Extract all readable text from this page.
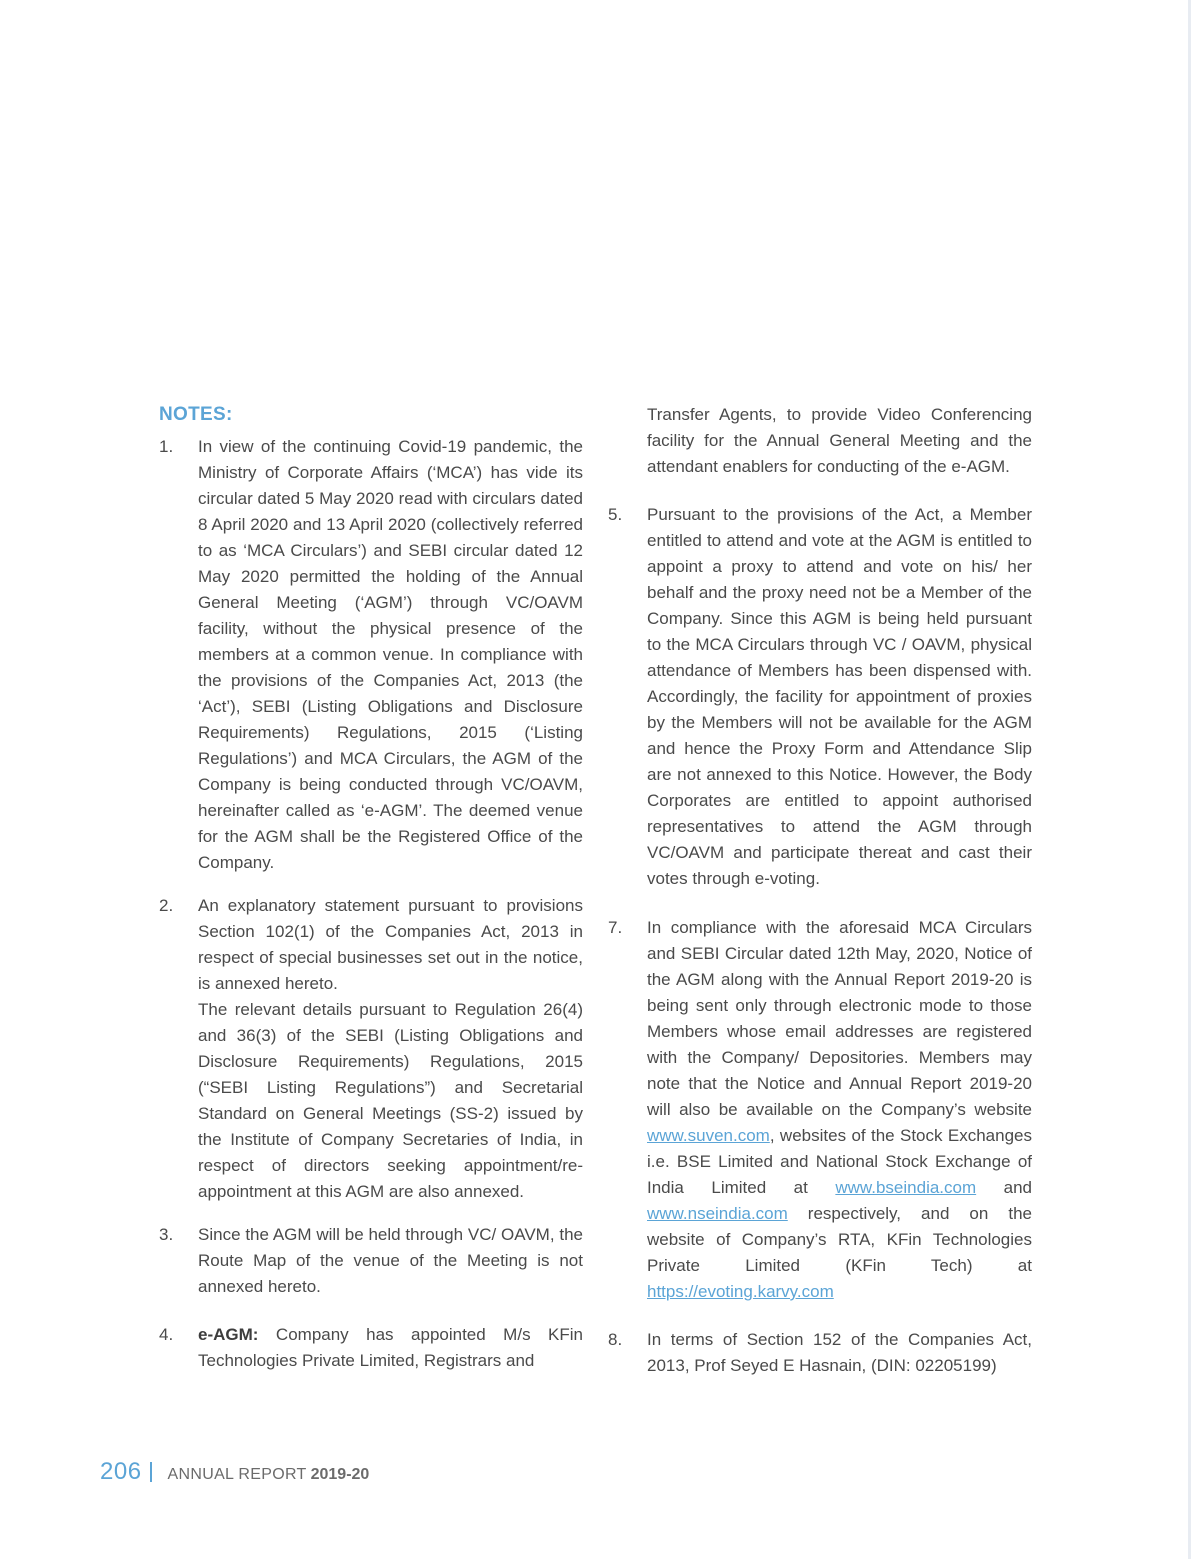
NOTES:
1.	In view of the continuing Covid-19 pandemic, the Ministry of Corporate Affairs (‘MCA’) has vide its circular dated 5 May 2020 read with circulars dated 8 April 2020 and 13 April 2020 (collectively referred to as ‘MCA Circulars’) and SEBI circular dated 12 May 2020 permitted the holding of the Annual General Meeting (‘AGM’) through VC/OAVM facility, without the physical presence of the members at a common venue. In compliance with the provisions of the Companies Act, 2013 (the ‘Act’), SEBI (Listing Obligations and Disclosure Requirements) Regulations, 2015 (‘Listing Regulations’) and MCA Circulars, the AGM of the Company is being conducted through VC/OAVM, hereinafter called as ‘e-AGM’. The deemed venue for the AGM shall be the Registered Office of the Company.

2.	An explanatory statement pursuant to provisions Section 102(1) of the Companies Act, 2013 in respect of special businesses set out in the notice, is annexed hereto.

The relevant details pursuant to Regulation 26(4) and 36(3) of the SEBI (Listing Obligations and Disclosure Requirements) Regulations, 2015 (“SEBI Listing Regulations”) and Secretarial Standard on General Meetings (SS-2) issued by the Institute of Company Secretaries of India, in respect of directors seeking appointment/re-appointment at this AGM are also annexed.

3.	Since the AGM will be held through VC/ OAVM, the Route Map of the venue of the Meeting is not annexed hereto.

4.	e-AGM: Company has appointed M/s KFin Technologies Private Limited, Registrars and

Transfer Agents, to provide Video Conferencing facility for the Annual General Meeting and the attendant enablers for conducting of the e-AGM.

5.	Pursuant to the provisions of the Act, a Member entitled to attend and vote at the AGM is entitled to appoint a proxy to attend and vote on his/ her behalf and the proxy need not be a Member of the Company. Since this AGM is being held pursuant to the MCA Circulars through VC / OAVM, physical attendance of Members has been dispensed with. Accordingly, the facility for appointment of proxies by the Members will not be available for the AGM and hence the Proxy Form and Attendance Slip are not annexed to this Notice. However, the Body Corporates are entitled to appoint authorised representatives to attend the AGM through VC/OAVM and participate thereat and cast their votes through e-voting.

7.	In compliance with the aforesaid MCA Circulars and SEBI Circular dated 12th May, 2020, Notice of the AGM along with the Annual Report 2019-20 is being sent only through electronic mode to those Members whose email addresses are registered with the Company/ Depositories. Members may note that the Notice and Annual Report 2019-20 will also be available on the Company’s website www.suven.com, websites of the Stock Exchanges i.e. BSE Limited and National Stock Exchange of India Limited at www.bseindia.com and www.nseindia.com respectively, and on the website of Company’s RTA, KFin Technologies Private Limited (KFin Tech) at https://evoting.karvy.com

8.	In terms of Section 152 of the Companies Act, 2013, Prof Seyed E Hasnain, (DIN: 02205199)

206 ANNUAL REPORT 2019-20
